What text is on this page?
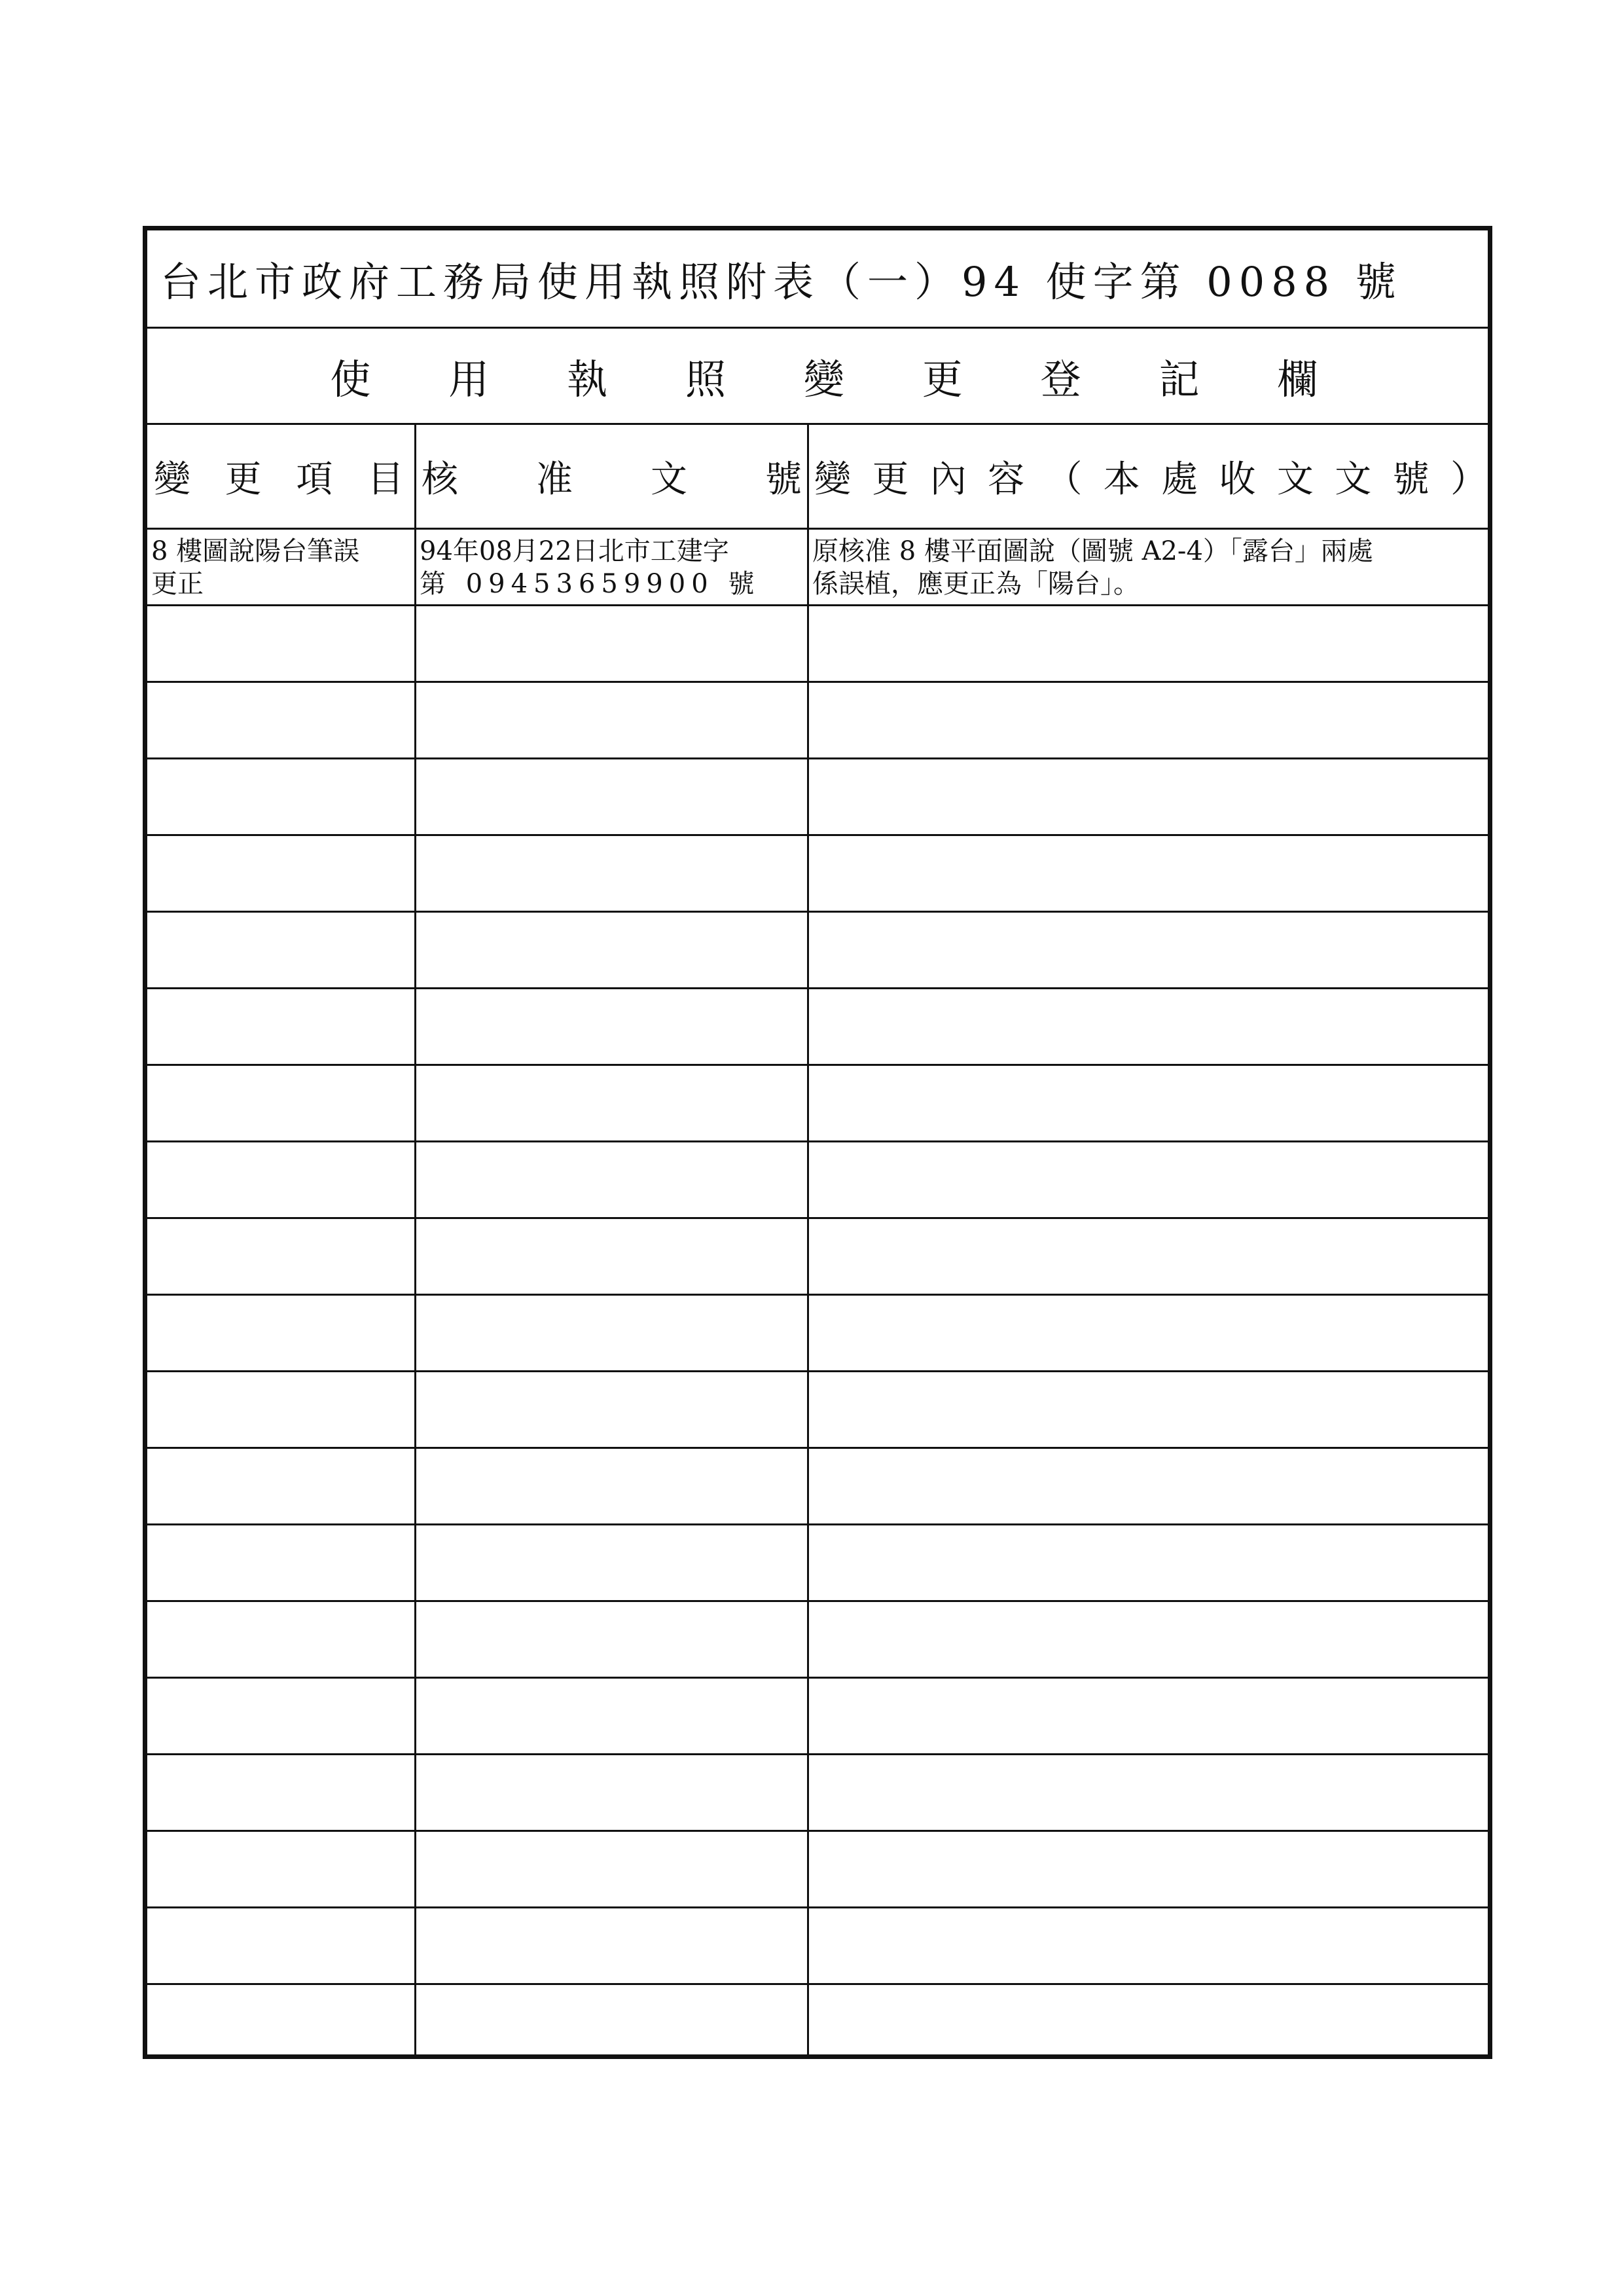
台北市政府工務局使用執照附表（一）94 使字第 0088 號
使 用 執 照 變 更 登 記 欄
變 更 項 目 核 准 文 號 變 更 內 容 （ 本 處 收 文 文 號 ）
8 樓圖說陽台筆誤
更正
94年08月22日北市工建字
第 09453659900 號
原核准 8 樓平面圖說（圖號 A2-4）「露台」兩處
係誤植，應更正為「陽台」。
